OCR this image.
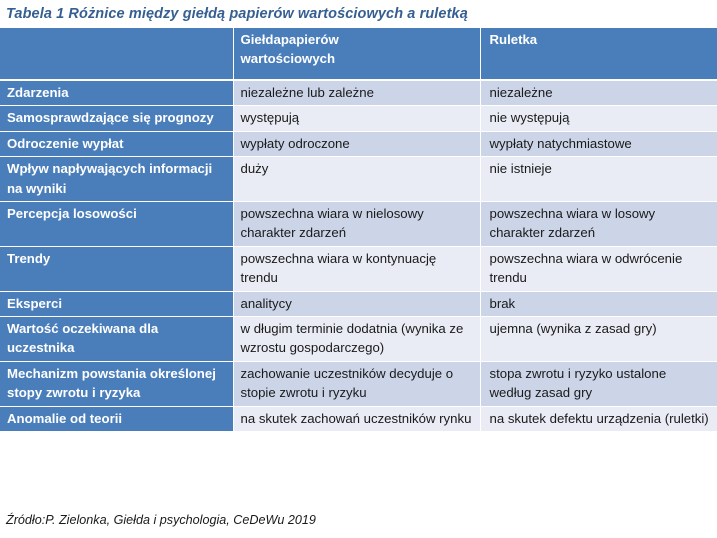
Tabela 1 Różnice między giełdą papierów wartościowych a ruletką

	Giełdapapierów
wartościowych	Ruletka
Zdarzenia	niezależne lub zależne	niezależne
Samosprawdzające się prognozy	występują	nie występują
Odroczenie wypłat	wypłaty odroczone	wypłaty natychmiastowe
Wpływ napływających informacji na wyniki	duży	nie istnieje
Percepcja losowości	powszechna wiara w nielosowy charakter zdarzeń	powszechna wiara w losowy charakter zdarzeń
Trendy	powszechna wiara w kontynuację trendu	powszechna wiara w odwrócenie trendu
Eksperci	analitycy	brak
Wartość oczekiwana dla uczestnika	w długim terminie dodatnia (wynika ze wzrostu gospodarczego)	ujemna (wynika z zasad gry)
Mechanizm powstania określonej stopy zwrotu i ryzyka	zachowanie uczestników decyduje o stopie zwrotu i ryzyku	stopa zwrotu i ryzyko ustalone według zasad gry
Anomalie od teorii	na skutek zachowań uczestników rynku	na skutek defektu urządzenia (ruletki)
Źródło:P. Zielonka, Giełda i psychologia, CeDeWu 2019
